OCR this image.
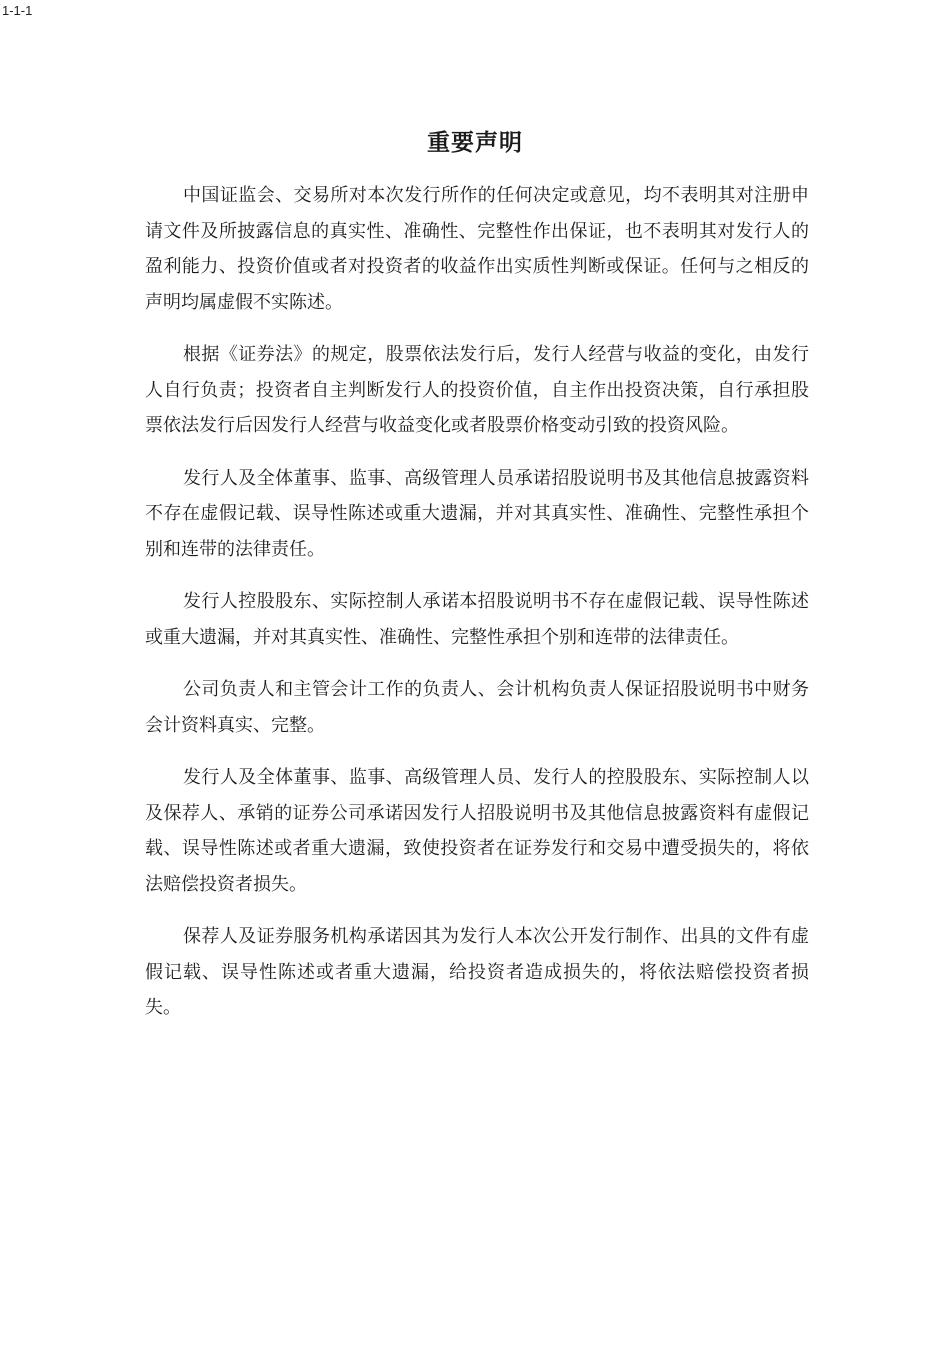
1-1-1
重要声明

中国证监会、交易所对本次发行所作的任何决定或意见，均不表明其对注册申请文件及所披露信息的真实性、准确性、完整性作出保证，也不表明其对发行人的盈利能力、投资价值或者对投资者的收益作出实质性判断或保证。任何与之相反的声明均属虚假不实陈述。

根据《证券法》的规定，股票依法发行后，发行人经营与收益的变化，由发行人自行负责；投资者自主判断发行人的投资价值，自主作出投资决策，自行承担股票依法发行后因发行人经营与收益变化或者股票价格变动引致的投资风险。

发行人及全体董事、监事、高级管理人员承诺招股说明书及其他信息披露资料不存在虚假记载、误导性陈述或重大遗漏，并对其真实性、准确性、完整性承担个别和连带的法律责任。

发行人控股股东、实际控制人承诺本招股说明书不存在虚假记载、误导性陈述或重大遗漏，并对其真实性、准确性、完整性承担个别和连带的法律责任。

公司负责人和主管会计工作的负责人、会计机构负责人保证招股说明书中财务会计资料真实、完整。

发行人及全体董事、监事、高级管理人员、发行人的控股股东、实际控制人以及保荐人、承销的证券公司承诺因发行人招股说明书及其他信息披露资料有虚假记载、误导性陈述或者重大遗漏，致使投资者在证券发行和交易中遭受损失的，将依法赔偿投资者损失。

保荐人及证券服务机构承诺因其为发行人本次公开发行制作、出具的文件有虚假记载、误导性陈述或者重大遗漏，给投资者造成损失的，将依法赔偿投资者损失。
